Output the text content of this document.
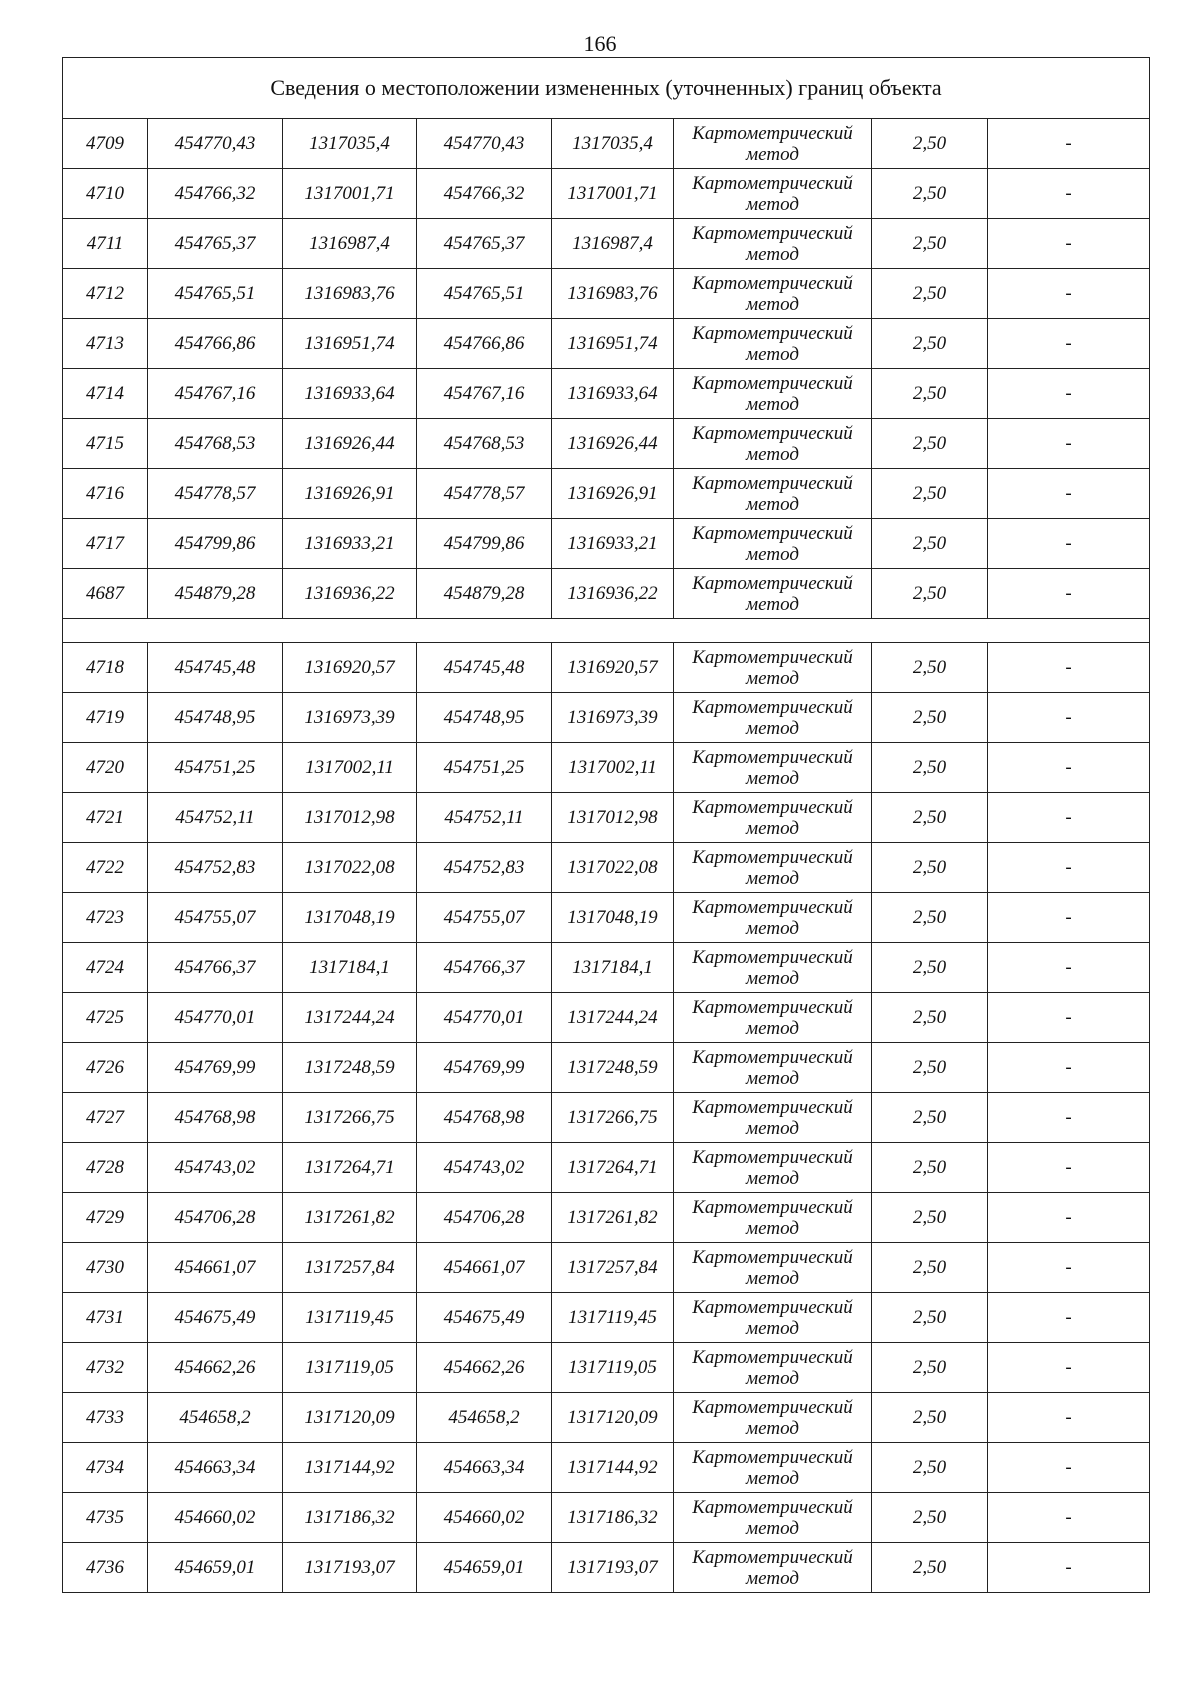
166
Сведения о местоположении измененных (уточненных) границ объекта							
4709	454770,43	1317035,4	454770,43	1317035,4	Картометрический
метод	2,50	-
4710	454766,32	1317001,71	454766,32	1317001,71	Картометрический
метод	2,50	-
4711	454765,37	1316987,4	454765,37	1316987,4	Картометрический
метод	2,50	-
4712	454765,51	1316983,76	454765,51	1316983,76	Картометрический
метод	2,50	-
4713	454766,86	1316951,74	454766,86	1316951,74	Картометрический
метод	2,50	-
4714	454767,16	1316933,64	454767,16	1316933,64	Картометрический
метод	2,50	-
4715	454768,53	1316926,44	454768,53	1316926,44	Картометрический
метод	2,50	-
4716	454778,57	1316926,91	454778,57	1316926,91	Картометрический
метод	2,50	-
4717	454799,86	1316933,21	454799,86	1316933,21	Картометрический
метод	2,50	-
4687	454879,28	1316936,22	454879,28	1316936,22	Картометрический
метод	2,50	-

4718	454745,48	1316920,57	454745,48	1316920,57	Картометрический
метод	2,50	-
4719	454748,95	1316973,39	454748,95	1316973,39	Картометрический
метод	2,50	-
4720	454751,25	1317002,11	454751,25	1317002,11	Картометрический
метод	2,50	-
4721	454752,11	1317012,98	454752,11	1317012,98	Картометрический
метод	2,50	-
4722	454752,83	1317022,08	454752,83	1317022,08	Картометрический
метод	2,50	-
4723	454755,07	1317048,19	454755,07	1317048,19	Картометрический
метод	2,50	-
4724	454766,37	1317184,1	454766,37	1317184,1	Картометрический
метод	2,50	-
4725	454770,01	1317244,24	454770,01	1317244,24	Картометрический
метод	2,50	-
4726	454769,99	1317248,59	454769,99	1317248,59	Картометрический
метод	2,50	-
4727	454768,98	1317266,75	454768,98	1317266,75	Картометрический
метод	2,50	-
4728	454743,02	1317264,71	454743,02	1317264,71	Картометрический
метод	2,50	-
4729	454706,28	1317261,82	454706,28	1317261,82	Картометрический
метод	2,50	-
4730	454661,07	1317257,84	454661,07	1317257,84	Картометрический
метод	2,50	-
4731	454675,49	1317119,45	454675,49	1317119,45	Картометрический
метод	2,50	-
4732	454662,26	1317119,05	454662,26	1317119,05	Картометрический
метод	2,50	-
4733	454658,2	1317120,09	454658,2	1317120,09	Картометрический
метод	2,50	-
4734	454663,34	1317144,92	454663,34	1317144,92	Картометрический
метод	2,50	-
4735	454660,02	1317186,32	454660,02	1317186,32	Картометрический
метод	2,50	-
4736	454659,01	1317193,07	454659,01	1317193,07	Картометрический
метод	2,50	-
